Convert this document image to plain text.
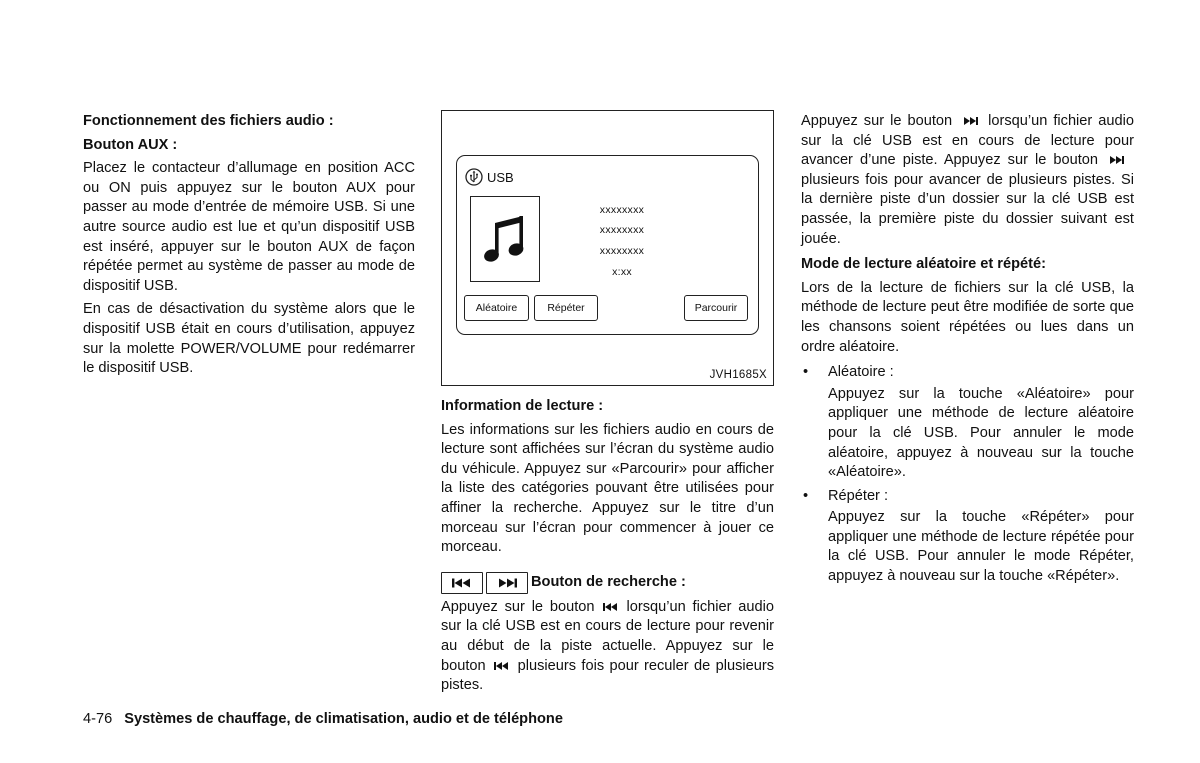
Fonctionnement des fichiers audio :
Bouton AUX :

Placez le contacteur d’allumage en position ACC ou ON puis appuyez sur le bouton AUX pour passer au mode d’entrée de mémoire USB. Si une autre source audio est lue et qu’un dispositif USB est inséré, appuyer sur le bouton AUX de façon répétée permet au système de passer au mode de dispositif USB.

En cas de désactivation du système alors que le dispositif USB était en cours d’utilisation, appuyez sur la molette POWER/VOLUME pour redémarrer le dispositif USB.

USB
xxxxxxxx
xxxxxxxx
xxxxxxxx
x:xx
Aléatoire	Répéter	Parcourir
JVH1685X
Information de lecture :

Les informations sur les fichiers audio en cours de lecture sont affichées sur l’écran du système audio du véhicule. Appuyez sur «Parcourir» pour afficher la liste des catégories pouvant être utilisées pour affiner la recherche. Appuyez sur le titre d’un morceau sur l’écran pour commencer à jouer ce morceau.

Bouton de recherche :

Appuyez sur le bouton lorsqu’un fichier audio sur la clé USB est en cours de lecture pour revenir au début de la piste actuelle. Appuyez sur le bouton plusieurs fois pour reculer de plusieurs pistes.

Appuyez sur le bouton lorsqu’un fichier audio sur la clé USB est en cours de lecture pour avancer d’une piste. Appuyez sur le boutonplusieurs fois pour avancer de plusieurs pistes. Si la dernière piste d’un dossier sur la clé USB est passée, la première piste du dossier suivant est jouée.

Mode de lecture aléatoire et répété:

Lors de la lecture de fichiers sur la clé USB, la méthode de lecture peut être modifiée de sorte que les chansons soient répétées ou lues dans un ordre aléatoire.

• Aléatoire :

Appuyez sur la touche «Aléatoire» pour appliquer une méthode de lecture aléatoire pour la clé USB. Pour annuler le mode aléatoire, appuyez à nouveau sur la touche «Aléatoire».

• Répéter :

Appuyez sur la touche «Répéter» pour appliquer une méthode de lecture répétée pour la clé USB. Pour annuler le mode Répéter, appuyez à nouveau sur la touche «Répéter».

4-76 Systèmes de chauffage, de climatisation, audio et de téléphone
